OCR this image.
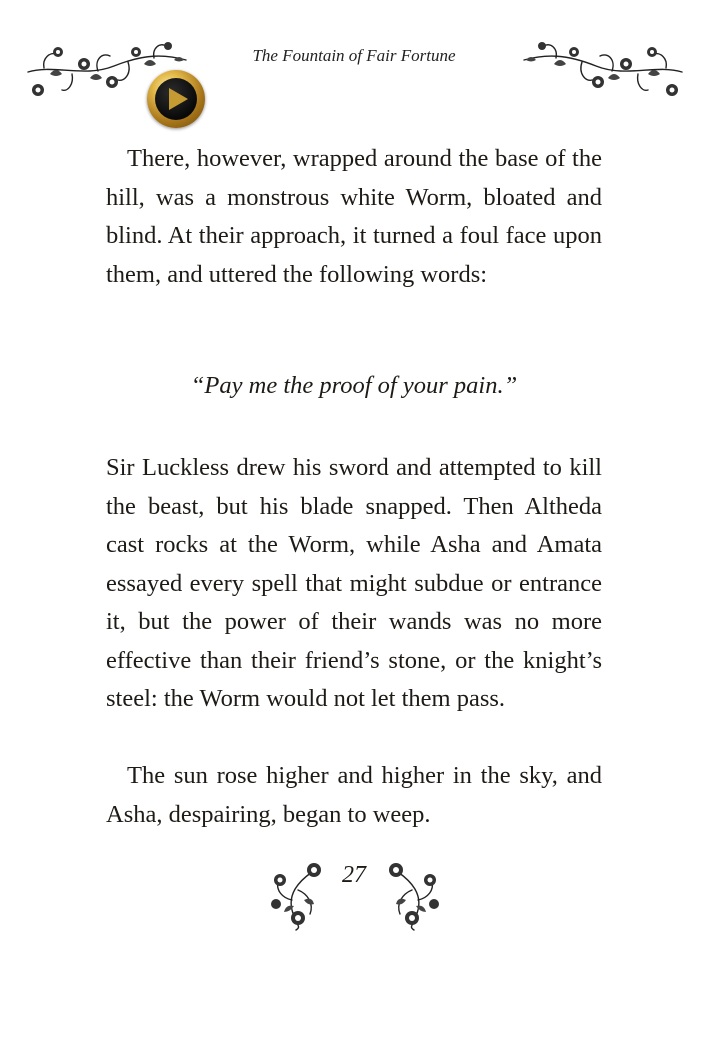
The Fountain of Fair Fortune
There, however, wrapped around the base of the hill, was a monstrous white Worm, bloated and blind. At their approach, it turned a foul face upon them, and uttered the following words:
“Pay me the proof of your pain.”
Sir Luckless drew his sword and attempted to kill the beast, but his blade snapped. Then Altheda cast rocks at the Worm, while Asha and Amata essayed every spell that might subdue or entrance it, but the power of their wands was no more effective than their friend’s stone, or the knight’s steel: the Worm would not let them pass.
The sun rose higher and higher in the sky, and Asha, despairing, began to weep.
27
